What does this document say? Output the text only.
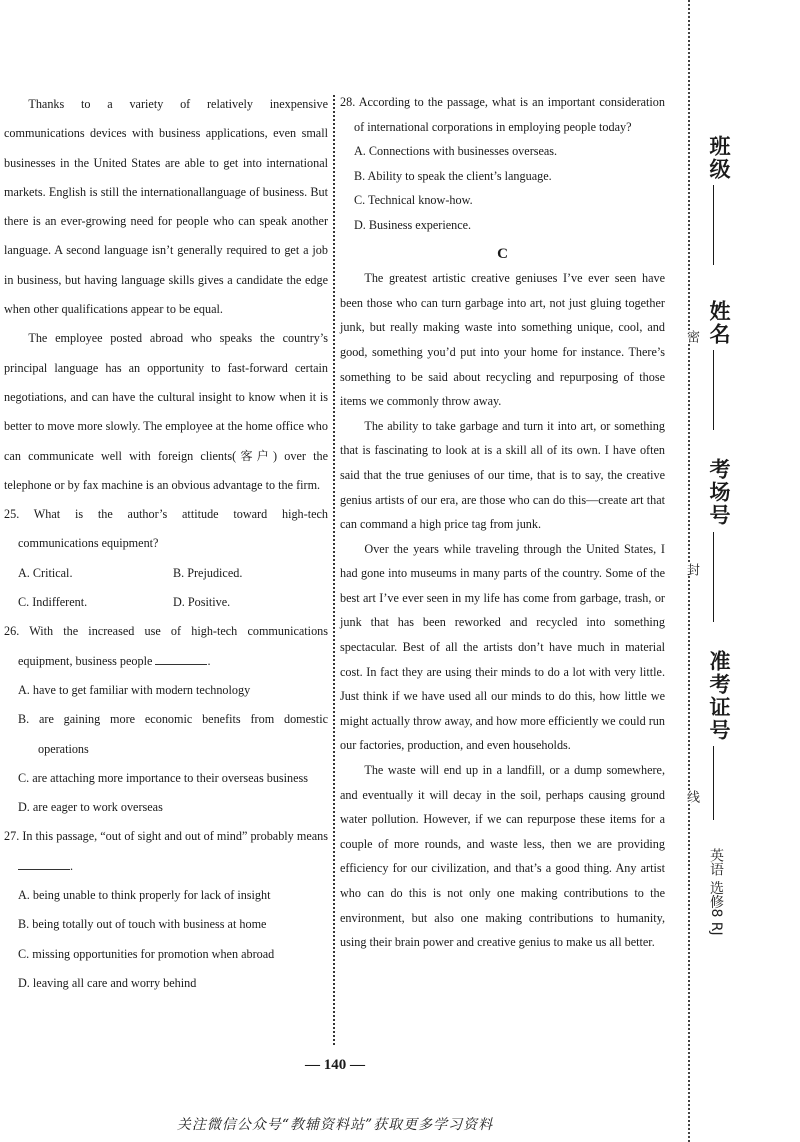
Thanks to a variety of relatively inexpensive communications devices with business applications, even small businesses in the United States are able to get into international markets. English is still the internationallanguage of business. But there is an ever-growing need for people who can speak another language. A second language isn’t generally required to get a job in business, but having language skills gives a candidate the edge when other qualifications appear to be equal.

The employee posted abroad who speaks the country’s principal language has an opportunity to fast-forward certain negotiations, and can have the cultural insight to know when it is better to move more slowly. The employee at the home office who can communicate well with foreign clients(客户) over the telephone or by fax machine is an obvious advantage to the firm.

25. What is the author’s attitude toward high-tech communications equipment?

A. Critical.	B. Prejudiced.
C. Indifferent.	D. Positive.

26. With the increased use of high-tech communications equipment, business people	.

A. have to get familiar with modern technology

B. are gaining more economic benefits from domestic operations

C. are attaching more importance to their overseas business

D. are eager to work overseas

27. In this passage, “out of sight and out of mind” probably means .

A. being unable to think properly for lack of insight

B. being totally out of touch with business at home

C. missing opportunities for promotion when abroad

D. leaving all care and worry behind

28. According to the passage, what is an important consideration of international corporations in employing people today?

A. Connections with businesses overseas.

B. Ability to speak the client’s language.

C. Technical know-how.

D. Business experience.

C

The greatest artistic creative geniuses I’ve ever seen have been those who can turn garbage into art, not just gluing together junk, but really making waste into something unique, cool, and good, something you’d put into your home for instance. There’s something to be said about recycling and repurposing of those items we commonly throw away.

The ability to take garbage and turn it into art, or something that is fascinating to look at is a skill all of its own. I have often said that the true geniuses of our time, that is to say, the creative genius artists of our era, are those who can do this—create art that can command a high price tag from junk.

Over the years while traveling through the United States, I had gone into museums in many parts of the country. Some of the best art I’ve ever seen in my life has come from garbage, trash, or junk that has been reworked and recycled into something spectacular. Best of all the artists don’t have much in material cost. In fact they are using their minds to do a lot with very little. Just think if we have used all our minds to do this, how little we might actually throw away, and how more efficiently we could run our factories, production, and even households.

The waste will end up in a landfill, or a dump somewhere, and eventually it will decay in the soil, perhaps causing ground water pollution. However, if we can repurpose these items for a couple of more rounds, and waste less, then we are providing efficiency for our civilization, and that’s a good thing. Any artist who can do this is not only one making contributions to the environment, but also one making contributions to humanity, using their brain power and creative genius to make us all better.

密
封
线
班级
姓名
考场号
准考证号
英语 选修8 RJ
— 140 —
关注微信公众号“教辅资料站”获取更多学习资料
